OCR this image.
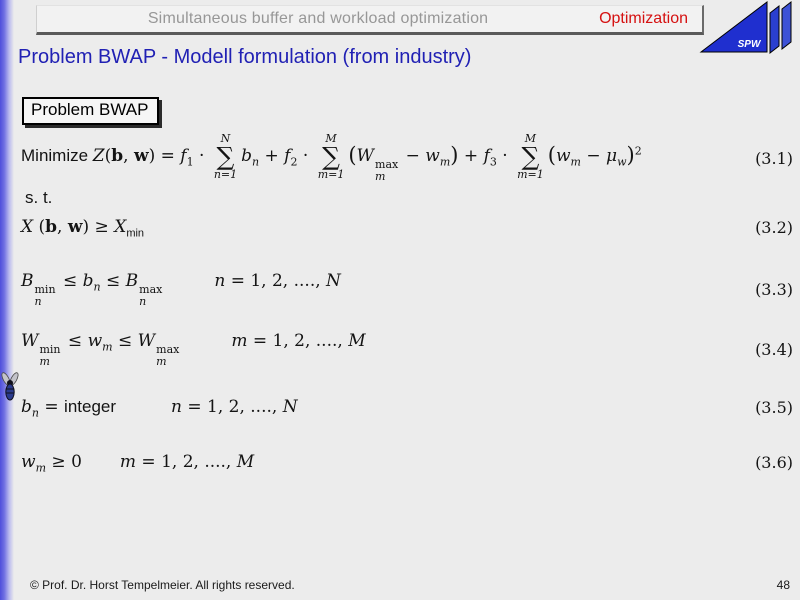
Simultaneous buffer and workload optimization	Optimization
SPW
Problem BWAP - Modell formulation (from industry)
Problem BWAP
Minimize Z(b, $w) = f_1$ ·
N
∑
n=1
$b_n + f_2$ ·
M
∑
m=1
(W max
m
− $w_m) + f_3$ ·
M
∑
m=1
$(w_m - \mu_w)^2$	(3.1)
s. t.
X (b, $w) \ge X_{min}$	(3.2)
B min
n
≤ $b_n \le B$ max
n
n = 1, 2, ...., N	(3.3)
W min
m
≤ $w_m \le W$ max
m
m = 1, 2, ...., M	(3.4)
$b_n$ = integer	n = 1, 2, ...., N	(3.5)
$w_m \ge 0$ m = 1, 2, ...., M	(3.6)
© Prof. Dr. Horst Tempelmeier. All rights reserved.	48
